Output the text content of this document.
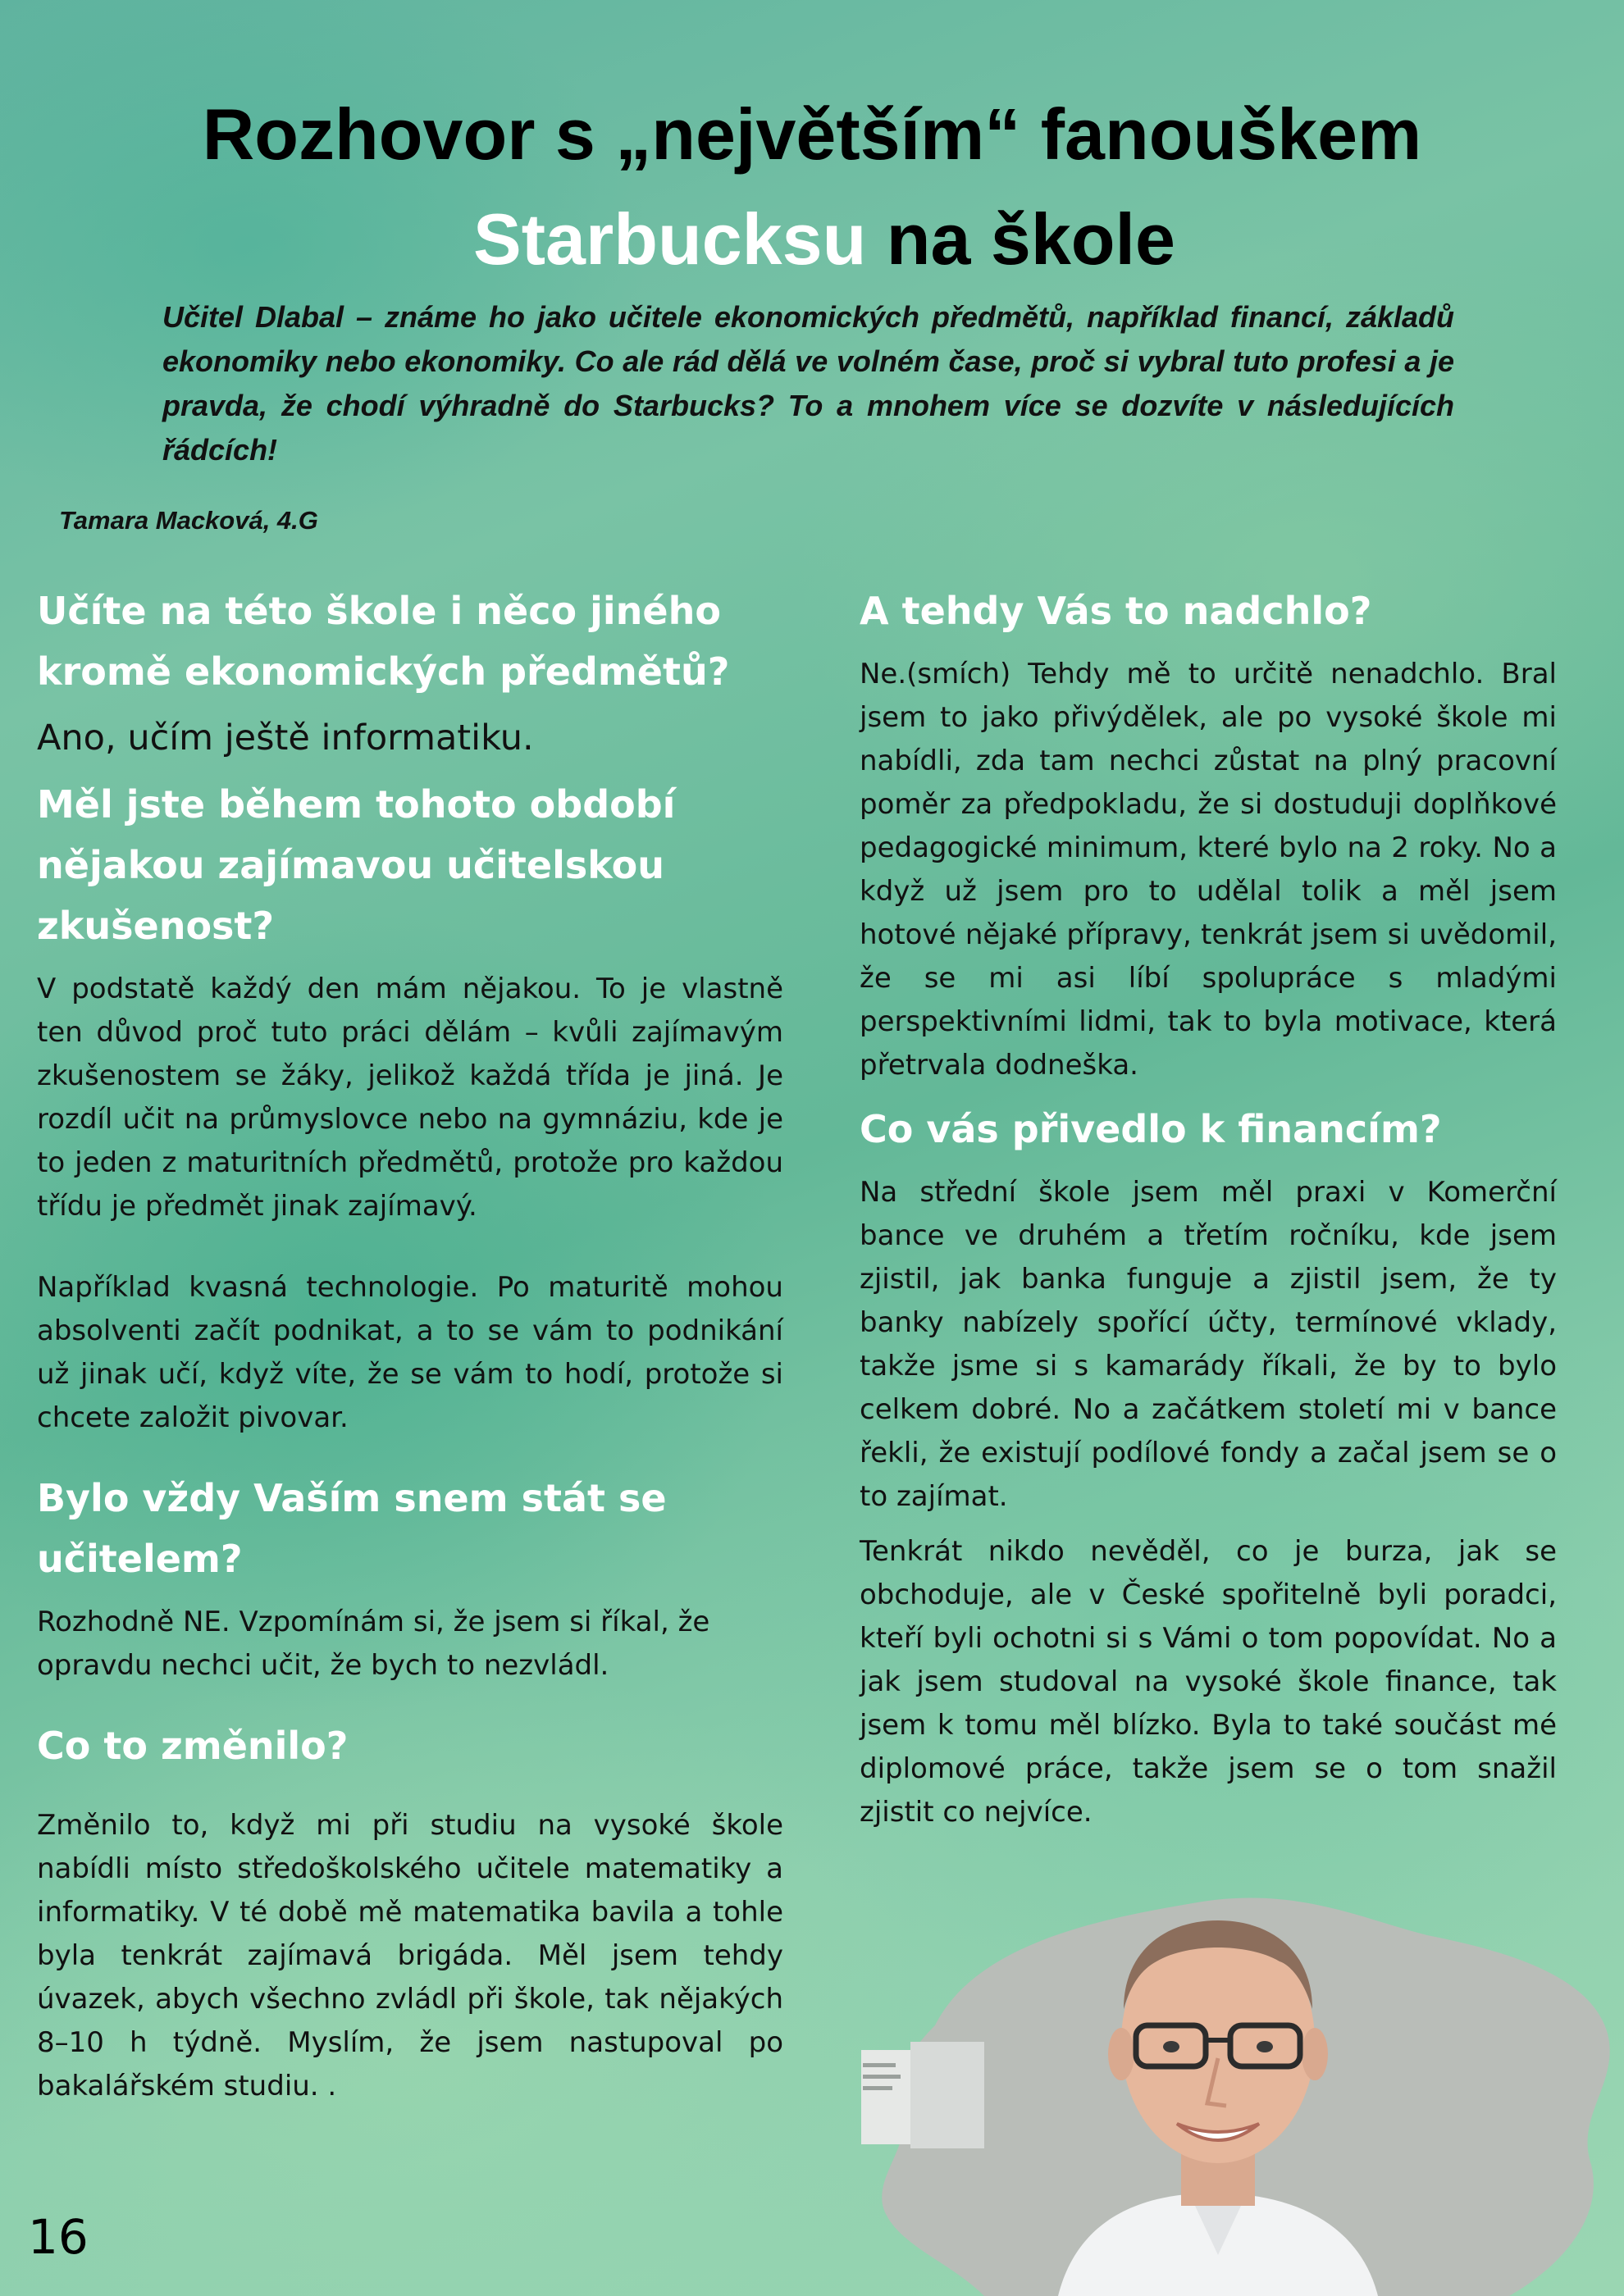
Rozhovor s „největším“ fanouškem
Starbucksu na škole

Učitel Dlabal – známe ho jako učitele ekonomických předmětů, například financí, základů ekonomiky nebo ekonomiky. Co ale rád dělá ve volném čase, proč si vybral tuto profesi a je pravda, že chodí výhradně do Starbucks? To a mnohem více se dozvíte v následujících řádcích!

Tamara Macková, 4.G

Učíte na této škole i něco jiného kromě ekonomických předmětů?

Ano, učím ještě informatiku.

Měl jste během tohoto období nějakou zajímavou učitelskou zkušenost?

V podstatě každý den mám nějakou. To je vlastně ten důvod proč tuto práci dělám – kvůli zajímavým zkušenostem se žáky, jelikož každá třída je jiná. Je rozdíl učit na průmyslovce nebo na gymnáziu, kde je to jeden z maturitních předmětů, protože pro každou třídu je předmět jinak zajímavý.

Například kvasná technologie. Po maturitě mohou absolventi začít podnikat, a to se vám to podnikání už jinak učí, když víte, že se vám to hodí, protože si chcete založit pivovar.

Bylo vždy Vaším snem stát se učitelem?

Rozhodně NE. Vzpomínám si, že jsem si říkal, že opravdu nechci učit, že bych to nezvládl.

Co to změnilo?

Změnilo to, když mi při studiu na vysoké škole nabídli místo středoškolského učitele matematiky a informatiky. V té době mě matematika bavila a tohle byla tenkrát zajímavá brigáda. Měl jsem tehdy úvazek, abych všechno zvládl při škole, tak nějakých 8–10 h týdně. Myslím, že jsem nastupoval po bakalářském studiu. .

A tehdy Vás to nadchlo?

Ne.(smích) Tehdy mě to určitě nenadchlo. Bral jsem to jako přivýdělek, ale po vysoké škole mi nabídli, zda tam nechci zůstat na plný pracovní poměr za předpokladu, že si dostuduji doplňkové pedagogické minimum, které bylo na 2 roky. No a když už jsem pro to udělal tolik a měl jsem hotové nějaké přípravy, tenkrát jsem si uvědomil, že se mi asi líbí spolupráce s mladými perspektivními lidmi, tak to byla motivace, která přetrvala dodneška.

Co vás přivedlo k financím?

Na střední škole jsem měl praxi v Komerční bance ve druhém a třetím ročníku, kde jsem zjistil, jak banka funguje a zjistil jsem, že ty banky nabízely spořící účty, termínové vklady, takže jsme si s kamarády říkali, že by to bylo celkem dobré. No a začátkem století mi v bance řekli, že existují podílové fondy a začal jsem se o to zajímat.

Tenkrát nikdo nevěděl, co je burza, jak se obchoduje, ale v České spořitelně byli poradci, kteří byli ochotni si s Vámi o tom popovídat. No a jak jsem studoval na vysoké škole finance, tak jsem k tomu měl blízko. Byla to také součást mé diplomové práce, takže jsem se o tom snažil zjistit co nejvíce.

16
